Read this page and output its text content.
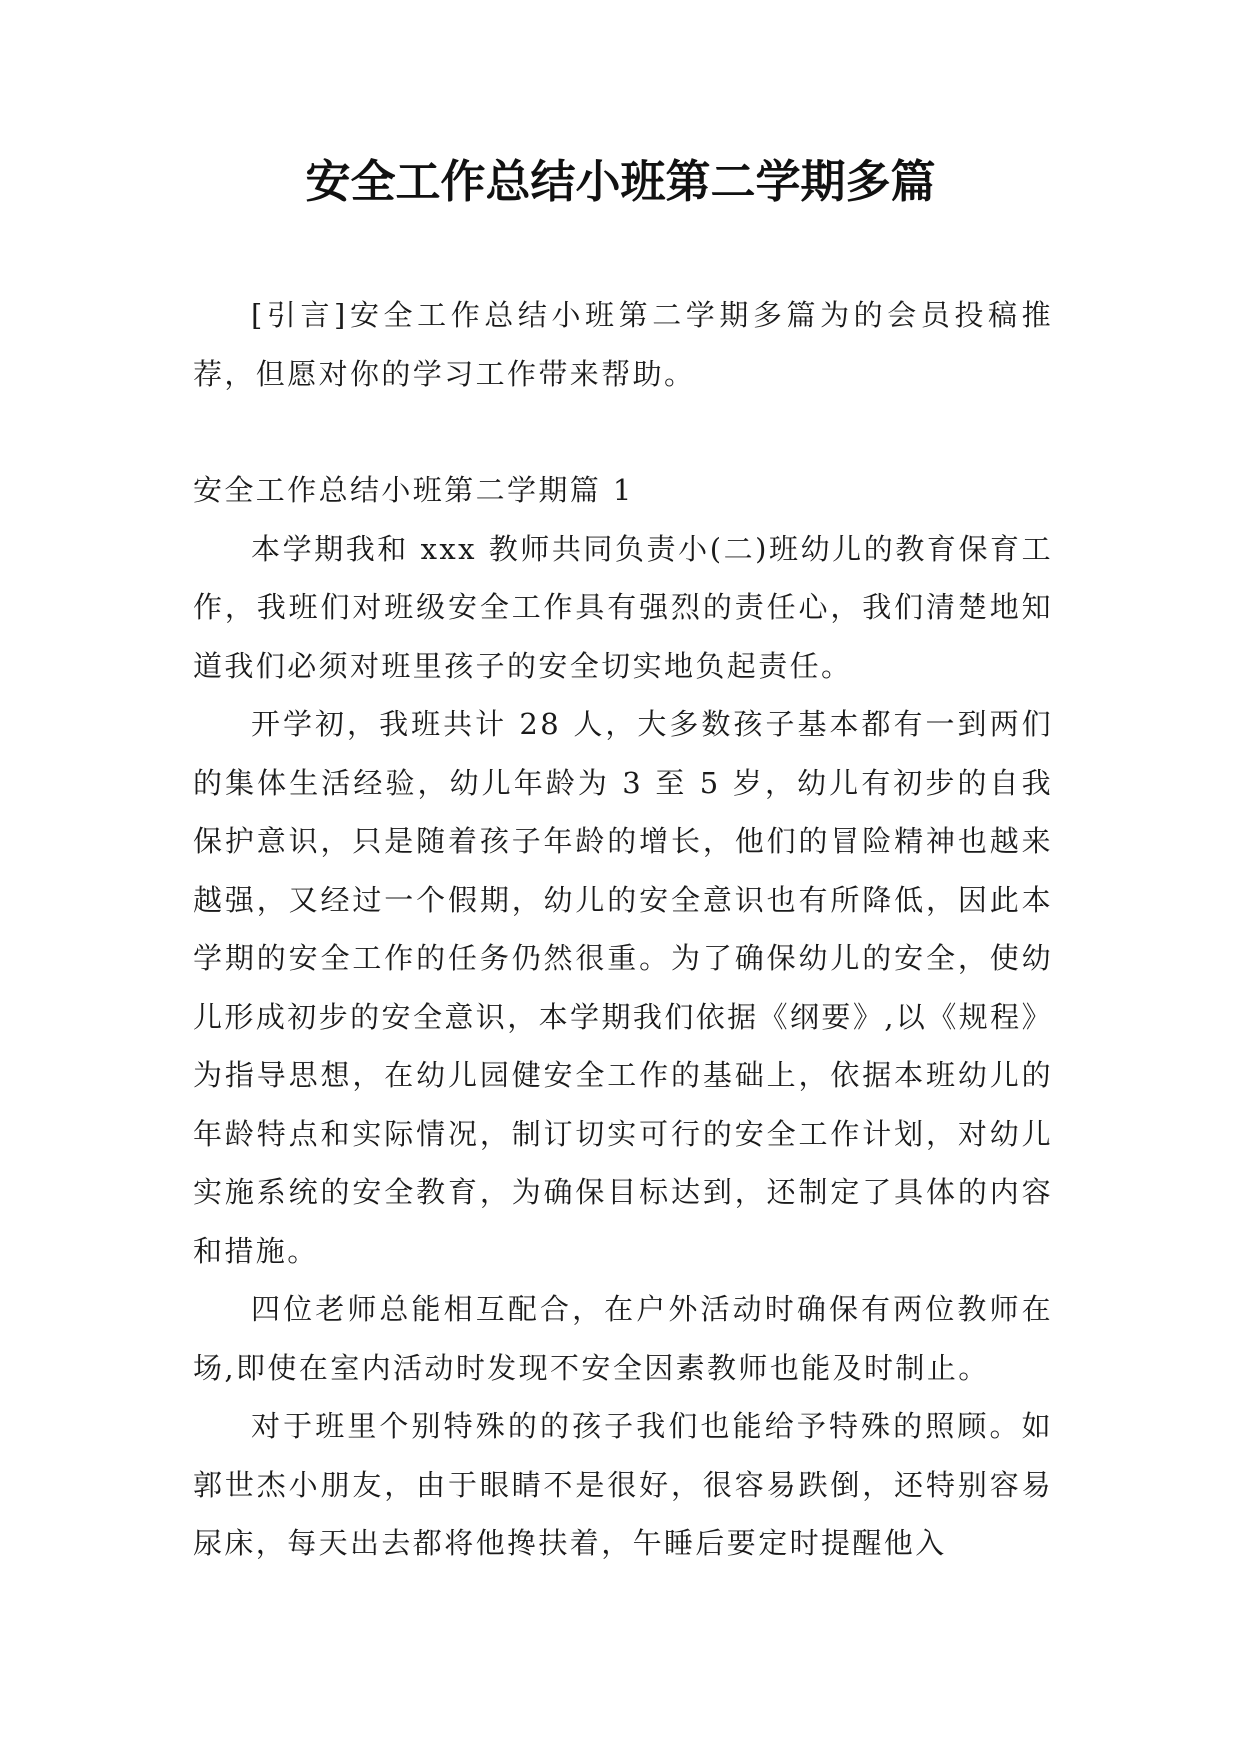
安全工作总结小班第二学期多篇

[引言]安全工作总结小班第二学期多篇为的会员投稿推荐，但愿对你的学习工作带来帮助。

安全工作总结小班第二学期篇 1

本学期我和 xxx 教师共同负责小(二)班幼儿的教育保育工作，我班们对班级安全工作具有强烈的责任心，我们清楚地知道我们必须对班里孩子的安全切实地负起责任。

开学初，我班共计 28 人，大多数孩子基本都有一到两们的集体生活经验，幼儿年龄为 3 至 5 岁，幼儿有初步的自我保护意识，只是随着孩子年龄的增长，他们的冒险精神也越来越强，又经过一个假期，幼儿的安全意识也有所降低，因此本学期的安全工作的任务仍然很重。为了确保幼儿的安全，使幼儿形成初步的安全意识，本学期我们依据《纲要》,以《规程》为指导思想，在幼儿园健安全工作的基础上，依据本班幼儿的年龄特点和实际情况，制订切实可行的安全工作计划，对幼儿实施系统的安全教育，为确保目标达到，还制定了具体的内容和措施。

四位老师总能相互配合，在户外活动时确保有两位教师在场,即使在室内活动时发现不安全因素教师也能及时制止。

对于班里个别特殊的的孩子我们也能给予特殊的照顾。如郭世杰小朋友，由于眼睛不是很好，很容易跌倒，还特别容易尿床，每天出去都将他搀扶着，午睡后要定时提醒他入
